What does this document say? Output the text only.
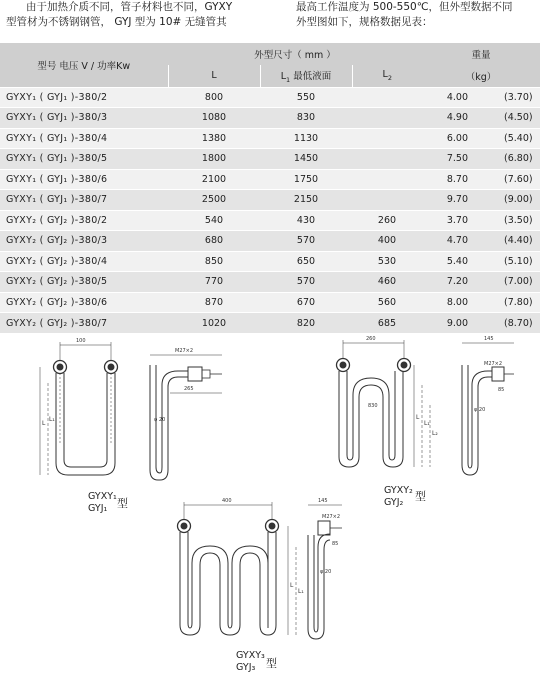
由于加热介质不同，管子材料也不同，GYXY

型管材为不锈钢钢管， GYJ 型为 10# 无缝管其

最高工作温度为 500-550℃，但外型数据不同

外型图如下，规格数据见表：

型号 电压 V / 功率Kw	外型尺寸（ mm ）			重量	
	L	$L_1$ 最低液面	$L_2$	（kg）	
GYXY₁ ( GYJ₁ )-380/2	800	550		4.00	(3.70)
GYXY₁ ( GYJ₁ )-380/3	1080	830		4.90	(4.50)
GYXY₁ ( GYJ₁ )-380/4	1380	1130		6.00	(5.40)
GYXY₁ ( GYJ₁ )-380/5	1800	1450		7.50	(6.80)
GYXY₁ ( GYJ₁ )-380/6	2100	1750		8.70	(7.60)
GYXY₁ ( GYJ₁ )-380/7	2500	2150		9.70	(9.00)
GYXY₂ ( GYJ₂ )-380/2	540	430	260	3.70	(3.50)
GYXY₂ ( GYJ₂ )-380/3	680	570	400	4.70	(4.40)
GYXY₂ ( GYJ₂ )-380/4	850	650	530	5.40	(5.10)
GYXY₂ ( GYJ₂ )-380/5	770	570	460	7.20	(7.00)
GYXY₂ ( GYJ₂ )-380/6	870	670	560	8.00	(7.80)
GYXY₂ ( GYJ₂ )-380/7	1020	820	685	9.00	(8.70)
100
L
L₁
M27×2
265
φ 20
GYXY₁
GYJ₁ 型
260
830
L
L₁
L₂
145
M27×2
85
φ 20
GYXY₂
GYJ₂ 型
400
L
L₁
145
M27×2
85
φ 20
GYXY₃
GYJ₃ 型
